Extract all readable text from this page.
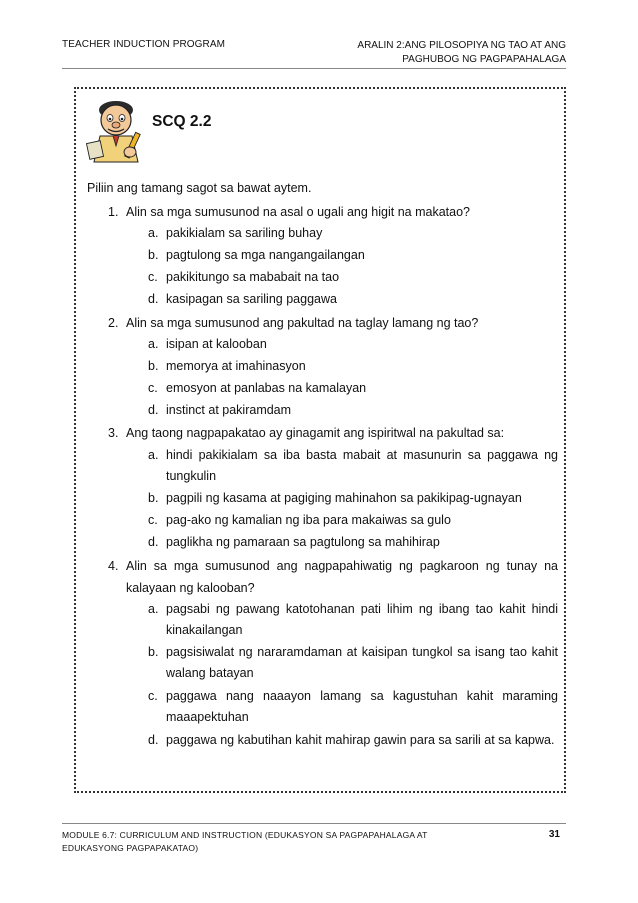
TEACHER INDUCTION PROGRAM	ARALIN 2:ANG PILOSOPIYA NG TAO AT ANG
PAGHUBOG NG PAGPAPAHALAGA
SCQ 2.2
Piliin ang tamang sagot sa bawat aytem.
1. Alin sa mga sumusunod na asal o ugali ang higit na makatao?
a. pakikialam sa sariling buhay
b. pagtulong sa mga nangangailangan
c. pakikitungo sa mababait na tao
d. kasipagan sa sariling paggawa
2. Alin sa mga sumusunod ang pakultad na taglay lamang ng tao?
a. isipan at kalooban
b. memorya at imahinasyon
c. emosyon at panlabas na kamalayan
d. instinct at pakiramdam
3. Ang taong nagpapakatao ay ginagamit ang ispiritwal na pakultad sa:
a. hindi pakikialam sa iba basta mabait at masunurin sa paggawa ng tungkulin
b. pagpili ng kasama at pagiging mahinahon sa pakikipag-ugnayan
c. pag-ako ng kamalian ng iba para makaiwas sa gulo
d. paglikha ng pamaraan sa pagtulong sa mahihirap
4. Alin sa mga sumusunod ang nagpapahiwatig ng pagkaroon ng tunay na kalayaan ng kalooban?
a. pagsabi ng pawang katotohanan pati lihim ng ibang tao kahit hindi kinakailangan
b. pagsisiwalat ng nararamdaman at kaisipan tungkol sa isang tao kahit walang batayan
c. paggawa nang naaayon lamang sa kagustuhan kahit maraming maaapektuhan
d. paggawa ng kabutihan kahit mahirap gawin para sa sarili at sa kapwa.
MODULE 6.7: CURRICULUM AND INSTRUCTION (EDUKASYON SA PAGPAPAHALAGA AT EDUKASYONG PAGPAPAKATAO)
31
